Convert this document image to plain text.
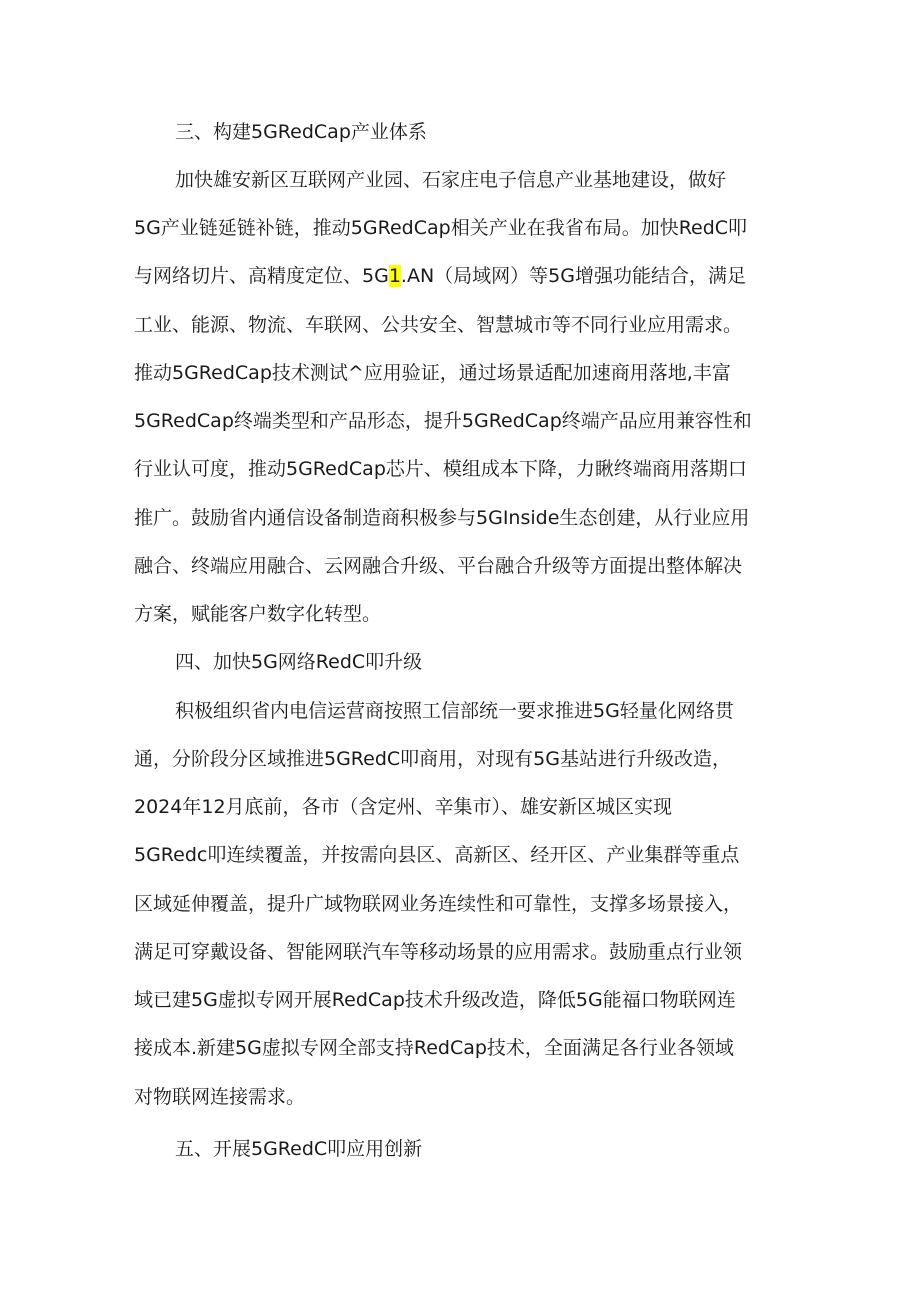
三、构建5GRedCap产业体系
加快雄安新区互联网产业园、石家庄电子信息产业基地建设，做好
5G产业链延链补链，推动5GRedCap相关产业在我省布局。加快RedC叩
与网络切片、高精度定位、5G1.AN（局域网）等5G增强功能结合，满足
工业、能源、物流、车联网、公共安全、智慧城市等不同行业应用需求。
推动5GRedCap技术测试^应用验证，通过场景适配加速商用落地,丰富
5GRedCap终端类型和产品形态，提升5GRedCap终端产品应用兼容性和
行业认可度，推动5GRedCap芯片、模组成本下降，力瞅终端商用落期口
推广。鼓励省内通信设备制造商积极参与5GInside生态创建，从行业应用
融合、终端应用融合、云网融合升级、平台融合升级等方面提出整体解决
方案，赋能客户数字化转型。
四、加快5G网络RedC叩升级
积极组织省内电信运营商按照工信部统一要求推进5G轻量化网络贯
通，分阶段分区域推进5GRedC叩商用，对现有5G基站进行升级改造，
2024年12月底前，各市（含定州、辛集市）、雄安新区城区实现
5GRedc叩连续覆盖，并按需向县区、高新区、经开区、产业集群等重点
区域延伸覆盖，提升广域物联网业务连续性和可靠性，支撑多场景接入，
满足可穿戴设备、智能网联汽车等移动场景的应用需求。鼓励重点行业领
域已建5G虚拟专网开展RedCap技术升级改造，降低5G能福口物联网连
接成本.新建5G虚拟专网全部支持RedCap技术，全面满足各行业各领域
对物联网连接需求。
五、开展5GRedC叩应用创新
